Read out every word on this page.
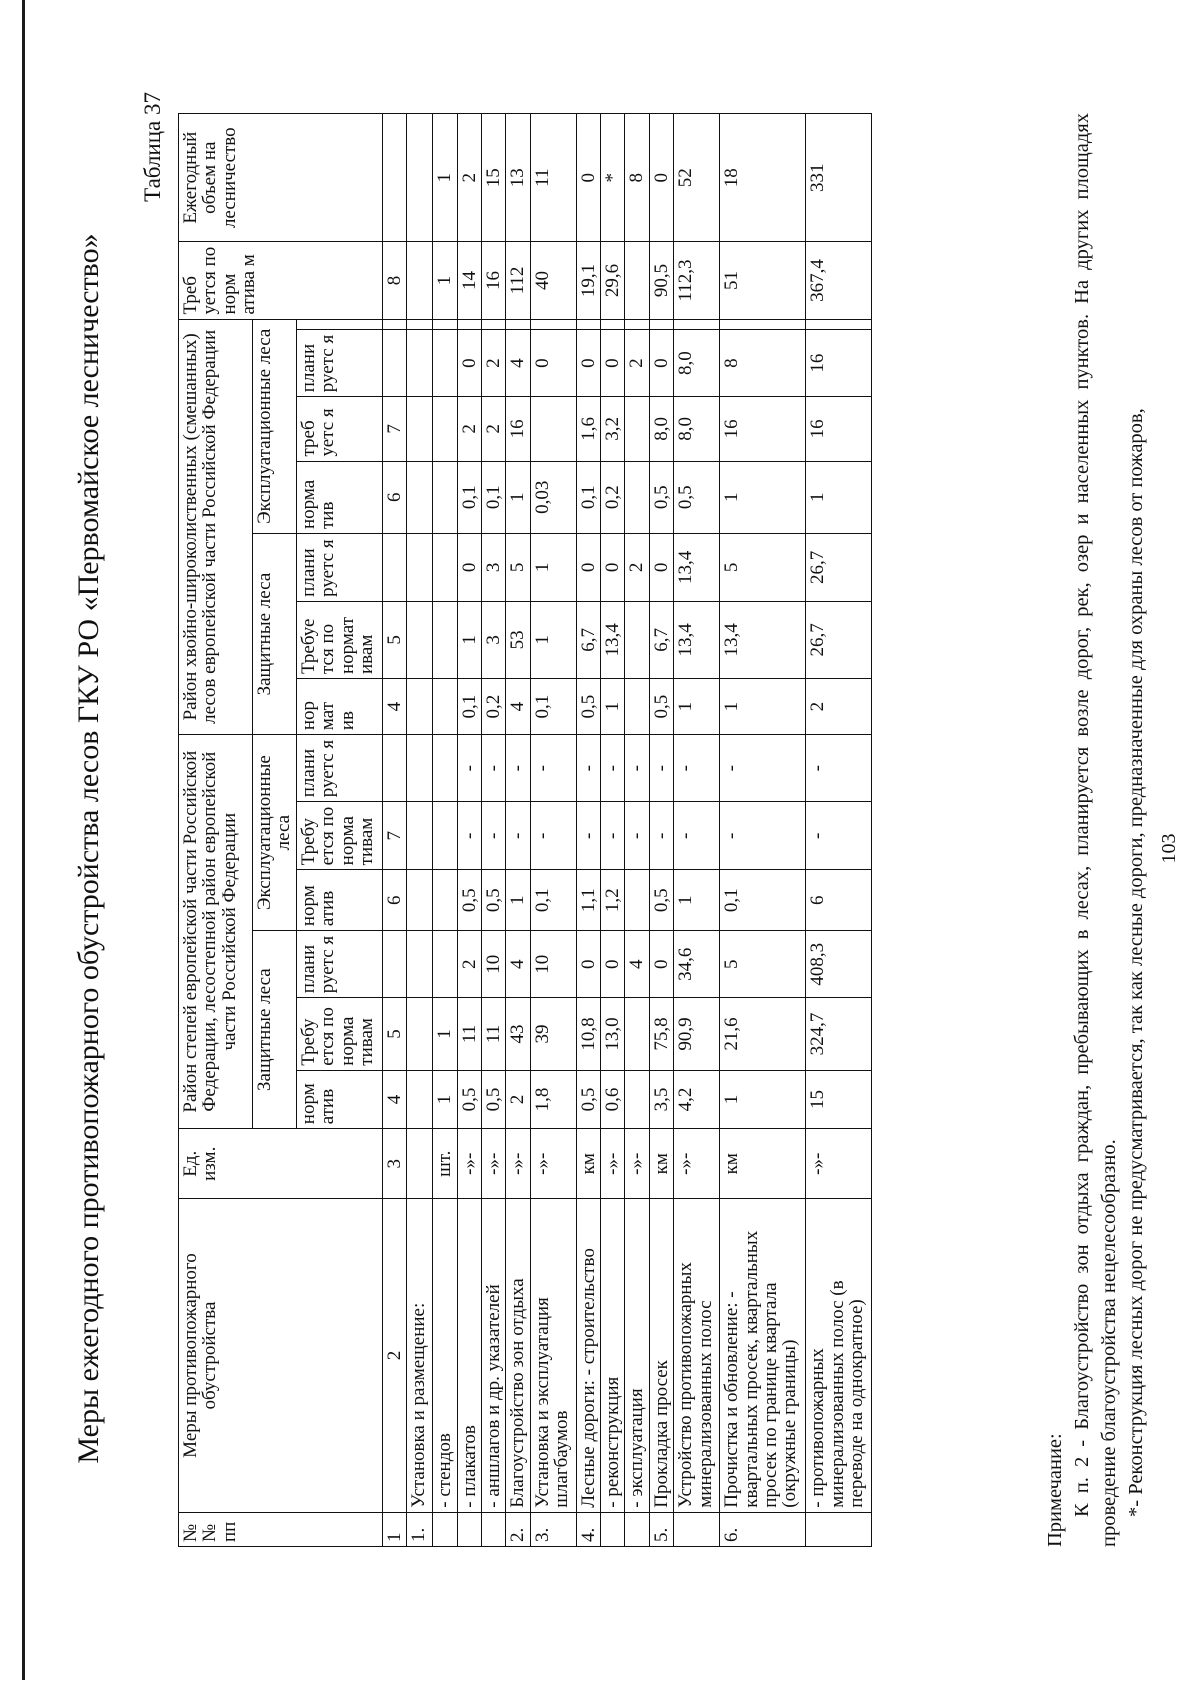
Меры ежегодного противопожарного обустройства лесов ГКУ РО «Первомайское лесничество»
Таблица 37
№ № пп	Меры противопожарного обустройства	Ед. изм.	Район степей европейской части Российской Федерации, лесостепной район европейской части Российской Федерации						Район хвойно-широколиственных (смешанных) лесов европейской части Российской Федерации							Треб уется по норм атива м	Ежегодный объем на лесничество
			Защитные леса			Эксплуатационные леса			Защитные леса			Эксплуатационные леса					
			норм атив	Требу ется по норма тивам	плани руетс я	норм атив	Требу ется по норма тивам	плани руетс я	нор мат ив	Требуе тся по нормат ивам	плани руетс я	норма тив	треб уетс я	плани руетс я			
1	2	3	4	5		6	7		4	5		6	7			8	
1.	Установка и размещение:																
	- стендов	шт.	1	1												1	1
	- плакатов	-»-	0,5	11	2	0,5	-	-	0,1	1	0	0,1	2	0		14	2
	- аншлагов и др. указателей	-»-	0,5	11	10	0,5	-	-	0,2	3	3	0,1	2	2		16	15
2.	Благоустройство зон отдыха	-»-	2	43	4	1	-	-	4	53	5	1	16	4		112	13
3.	Установка и эксплуатация шлагбаумов	-»-	1,8	39	10	0,1	-	-	0,1	1	1	0,03		0		40	11
4.	Лесные дороги: - строительство	км	0,5	10,8	0	1,1	-	-	0,5	6,7	0	0,1	1,6	0		19,1	0
	- реконструкция	-»-	0,6	13,0	0	1,2	-	-	1	13,4	0	0,2	3,2	0		29,6	*
	- эксплуатация	-»-			4		-	-			2			2			8
5.	Прокладка просек	км	3,5	75,8	0	0,5	-	-	0,5	6,7	0	0,5	8,0	0		90,5	0
	Устройство противопожарных минерализованных полос	-»-	4,2	90,9	34,6	1	-	-	1	13,4	13,4	0,5	8,0	8,0		112,3	52
6.	Прочистка и обновление: - квартальных просек, квартальных просек по границе квартала (окружные границы)	км	1	21,6	5	0,1	-	-	1	13,4	5	1	16	8		51	18
	- противопожарных минерализованных полос (в переводе на однократное)	-»-	15	324,7	408,3	6	-	-	2	26,7	26,7	1	16	16		367,4	331
Примечание: К п. 2 - Благоустройство зон отдыха граждан, пребывающих в лесах, планируется возле дорог, рек, озер и населенных пунктов. На других площадях проведение благоустройства нецелесообразно. *- Реконструкция лесных дорог не предусматривается, так как лесные дороги, предназначенные для охраны лесов от пожаров, 103
